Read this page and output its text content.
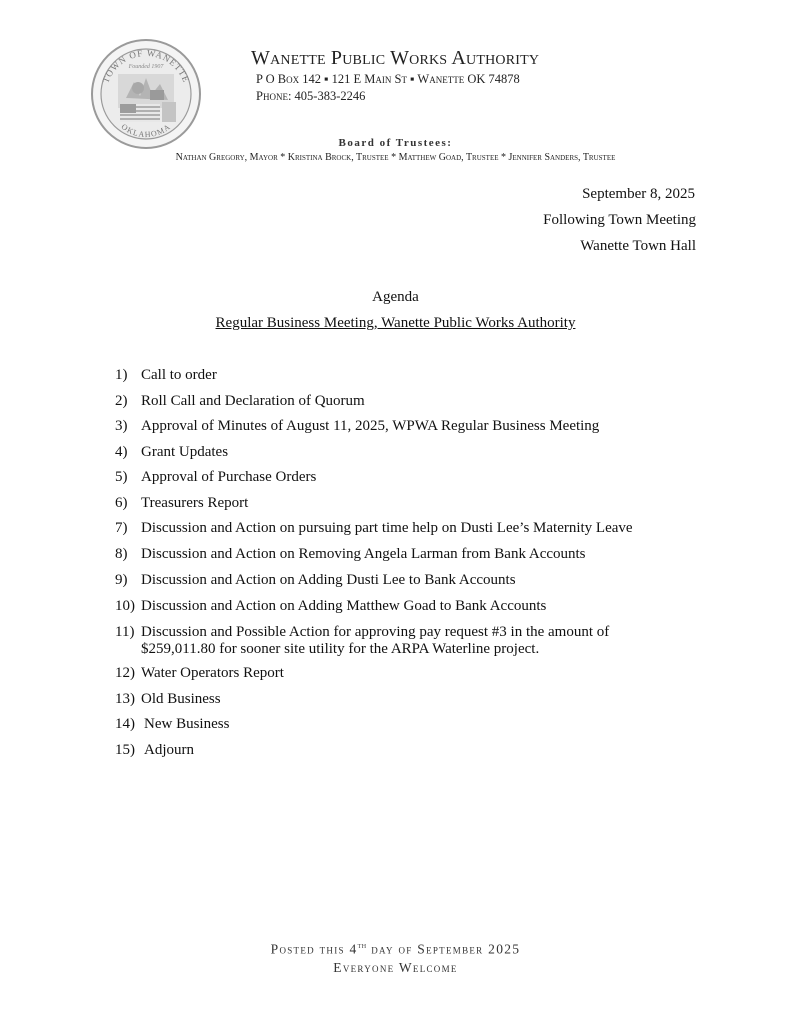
TOWN OF WANETTE
OKLAHOMA
Founded 1907	Wanette Public Works Authority
P O Box 142 ▪ 121 E Main St ▪ Wanette OK 74878
Phone: 405-383-2246
Board of Trustees:
Nathan Gregory, Mayor * Kristina Brock, Trustee * Matthew Goad, Trustee * Jennifer Sanders, Trustee
September 8, 2025
Following Town Meeting
Wanette Town Hall
Agenda
Regular Business Meeting, Wanette Public Works Authority
1) Call to order
2) Roll Call and Declaration of Quorum
3) Approval of Minutes of August 11, 2025, WPWA Regular Business Meeting
4) Grant Updates
5) Approval of Purchase Orders
6) Treasurers Report
7) Discussion and Action on pursuing part time help on Dusti Lee’s Maternity Leave
8) Discussion and Action on Removing Angela Larman from Bank Accounts
9) Discussion and Action on Adding Dusti Lee to Bank Accounts
10) Discussion and Action on Adding Matthew Goad to Bank Accounts
11) Discussion and Possible Action for approving pay request #3 in the amount of $259,011.80 for sooner site utility for the ARPA Waterline project.
12) Water Operators Report
13) Old Business
14) New Business
15) Adjourn
Posted this 4th day of September 2025
Everyone Welcome
